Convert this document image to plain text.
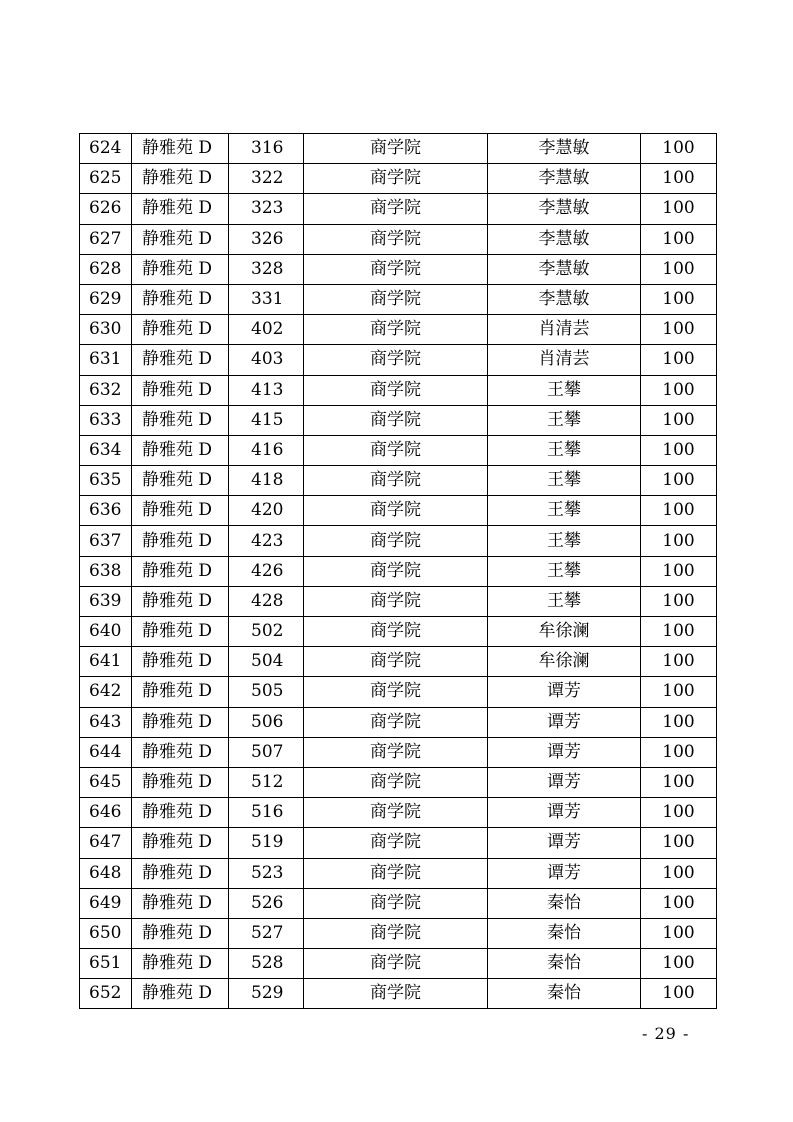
624	静雅苑 D	316	商学院	李慧敏	100
625	静雅苑 D	322	商学院	李慧敏	100
626	静雅苑 D	323	商学院	李慧敏	100
627	静雅苑 D	326	商学院	李慧敏	100
628	静雅苑 D	328	商学院	李慧敏	100
629	静雅苑 D	331	商学院	李慧敏	100
630	静雅苑 D	402	商学院	肖清芸	100
631	静雅苑 D	403	商学院	肖清芸	100
632	静雅苑 D	413	商学院	王攀	100
633	静雅苑 D	415	商学院	王攀	100
634	静雅苑 D	416	商学院	王攀	100
635	静雅苑 D	418	商学院	王攀	100
636	静雅苑 D	420	商学院	王攀	100
637	静雅苑 D	423	商学院	王攀	100
638	静雅苑 D	426	商学院	王攀	100
639	静雅苑 D	428	商学院	王攀	100
640	静雅苑 D	502	商学院	牟徐澜	100
641	静雅苑 D	504	商学院	牟徐澜	100
642	静雅苑 D	505	商学院	谭芳	100
643	静雅苑 D	506	商学院	谭芳	100
644	静雅苑 D	507	商学院	谭芳	100
645	静雅苑 D	512	商学院	谭芳	100
646	静雅苑 D	516	商学院	谭芳	100
647	静雅苑 D	519	商学院	谭芳	100
648	静雅苑 D	523	商学院	谭芳	100
649	静雅苑 D	526	商学院	秦怡	100
650	静雅苑 D	527	商学院	秦怡	100
651	静雅苑 D	528	商学院	秦怡	100
652	静雅苑 D	529	商学院	秦怡	100
- 29 -
